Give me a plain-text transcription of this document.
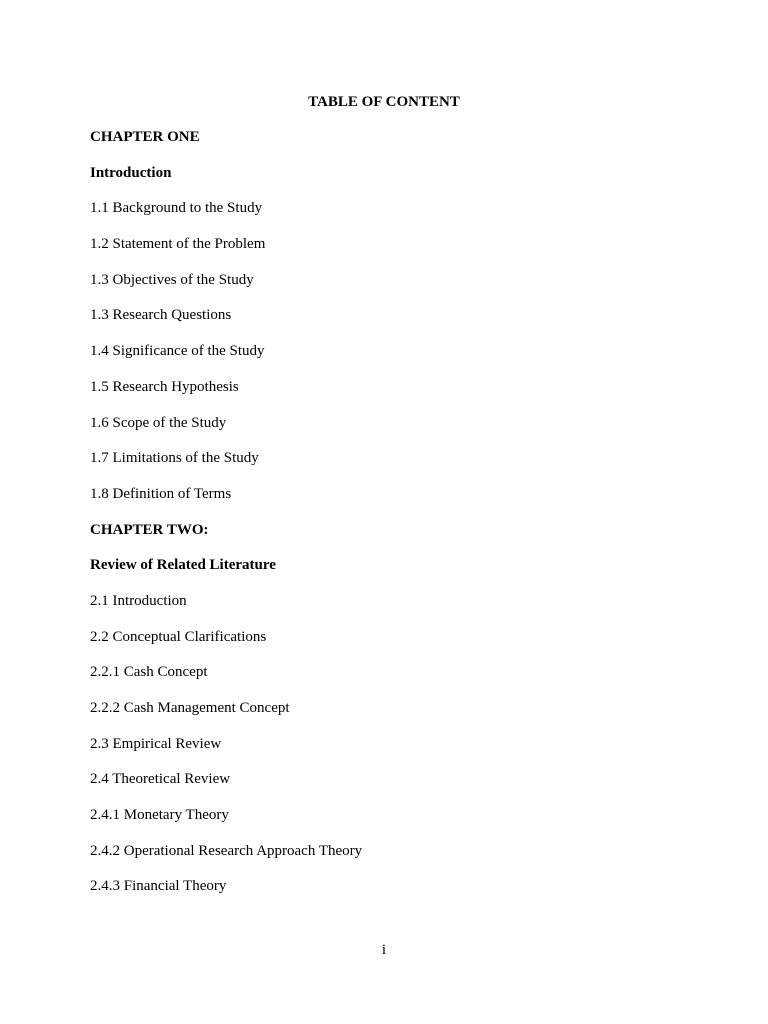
TABLE OF CONTENT
CHAPTER ONE
Introduction
1.1 Background to the Study
1.2 Statement of the Problem
1.3 Objectives of the Study
1.3 Research Questions
1.4 Significance of the Study
1.5 Research Hypothesis
1.6 Scope of the Study
1.7 Limitations of the Study
1.8 Definition of Terms
CHAPTER TWO:
Review of Related Literature
2.1 Introduction
2.2 Conceptual Clarifications
2.2.1 Cash Concept
2.2.2 Cash Management Concept
2.3 Empirical Review
2.4 Theoretical Review
2.4.1 Monetary Theory
2.4.2 Operational Research Approach Theory
2.4.3 Financial Theory
i
